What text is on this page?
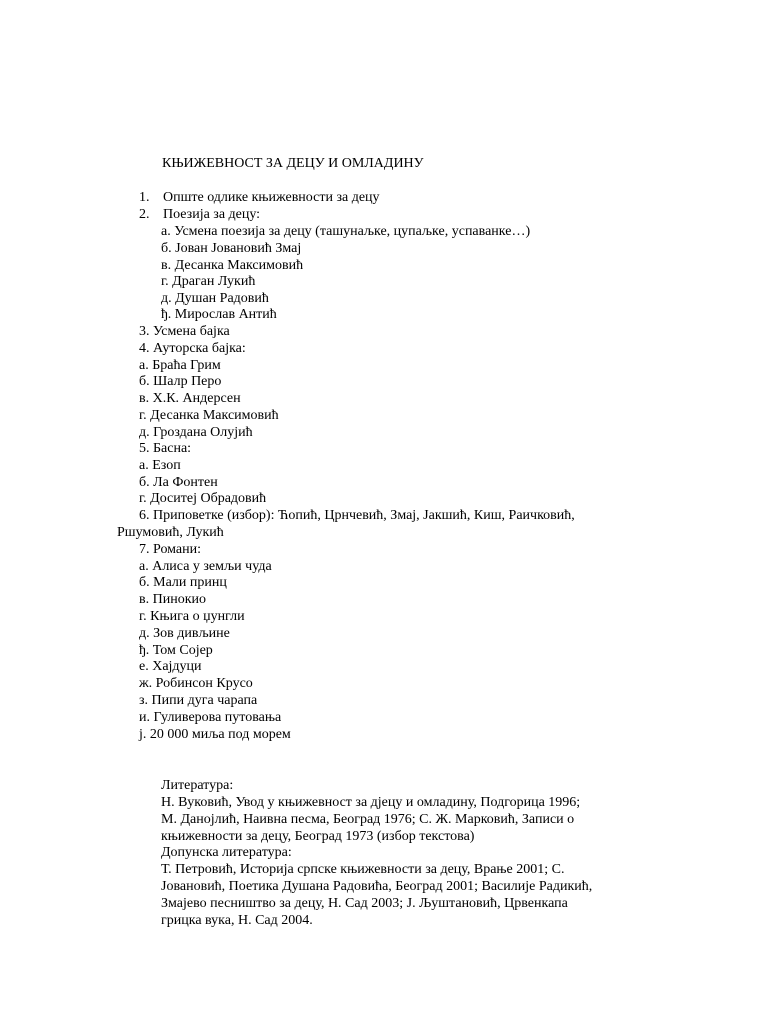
КЊИЖЕВНОСТ ЗА ДЕЦУ И ОМЛАДИНУ
1. Опште одлике књижевности за децу
2. Поезија за децу:
а. Усмена поезија за децу (ташунаљке, цупаљке, успаванке…)
б. Јован Јовановић Змај
в. Десанка Максимовић
г. Драган Лукић
д. Душан Радовић
ђ. Мирослав Антић
3. Усмена бајка
4. Ауторска бајка:
а. Браћа Грим
б. Шалр Перо
в. Х.К. Андерсен
г. Десанка Максимовић
д. Гроздана Олујић
5. Басна:
а. Езоп
б. Ла Фонтен
г. Доситеј Обрадовић
6. Приповетке (избор): Ћопић, Црнчевић, Змај, Јакшић, Киш, Раичковић,
Ршумовић, Лукић
7. Романи:
а. Алиса у земљи чуда
б. Мали принц
в. Пинокио
г. Књига о џунгли
д. Зов дивљине
ђ. Том Сојер
е. Хајдуци
ж. Робинсон Крусо
з. Пипи дуга чарапа
и. Гуливерова путовања
ј. 20 000 миља под морем
Литература:
Н. Вуковић, Увод у књижевност за дјецу и омладину, Подгорица 1996;
М. Данојлић, Наивна песма, Београд 1976; С. Ж. Марковић, Записи о
књижевности за децу, Београд 1973 (избор текстова)
Допунска литература:
Т. Петровић, Историја српске књижевности за децу, Врање 2001; С.
Јовановић, Поетика Душана Радовића, Београд 2001; Василије Радикић,
Змајево песништво за децу, Н. Сад 2003; Ј. Љуштановић, Црвенкапа
грицка вука, Н. Сад 2004.
